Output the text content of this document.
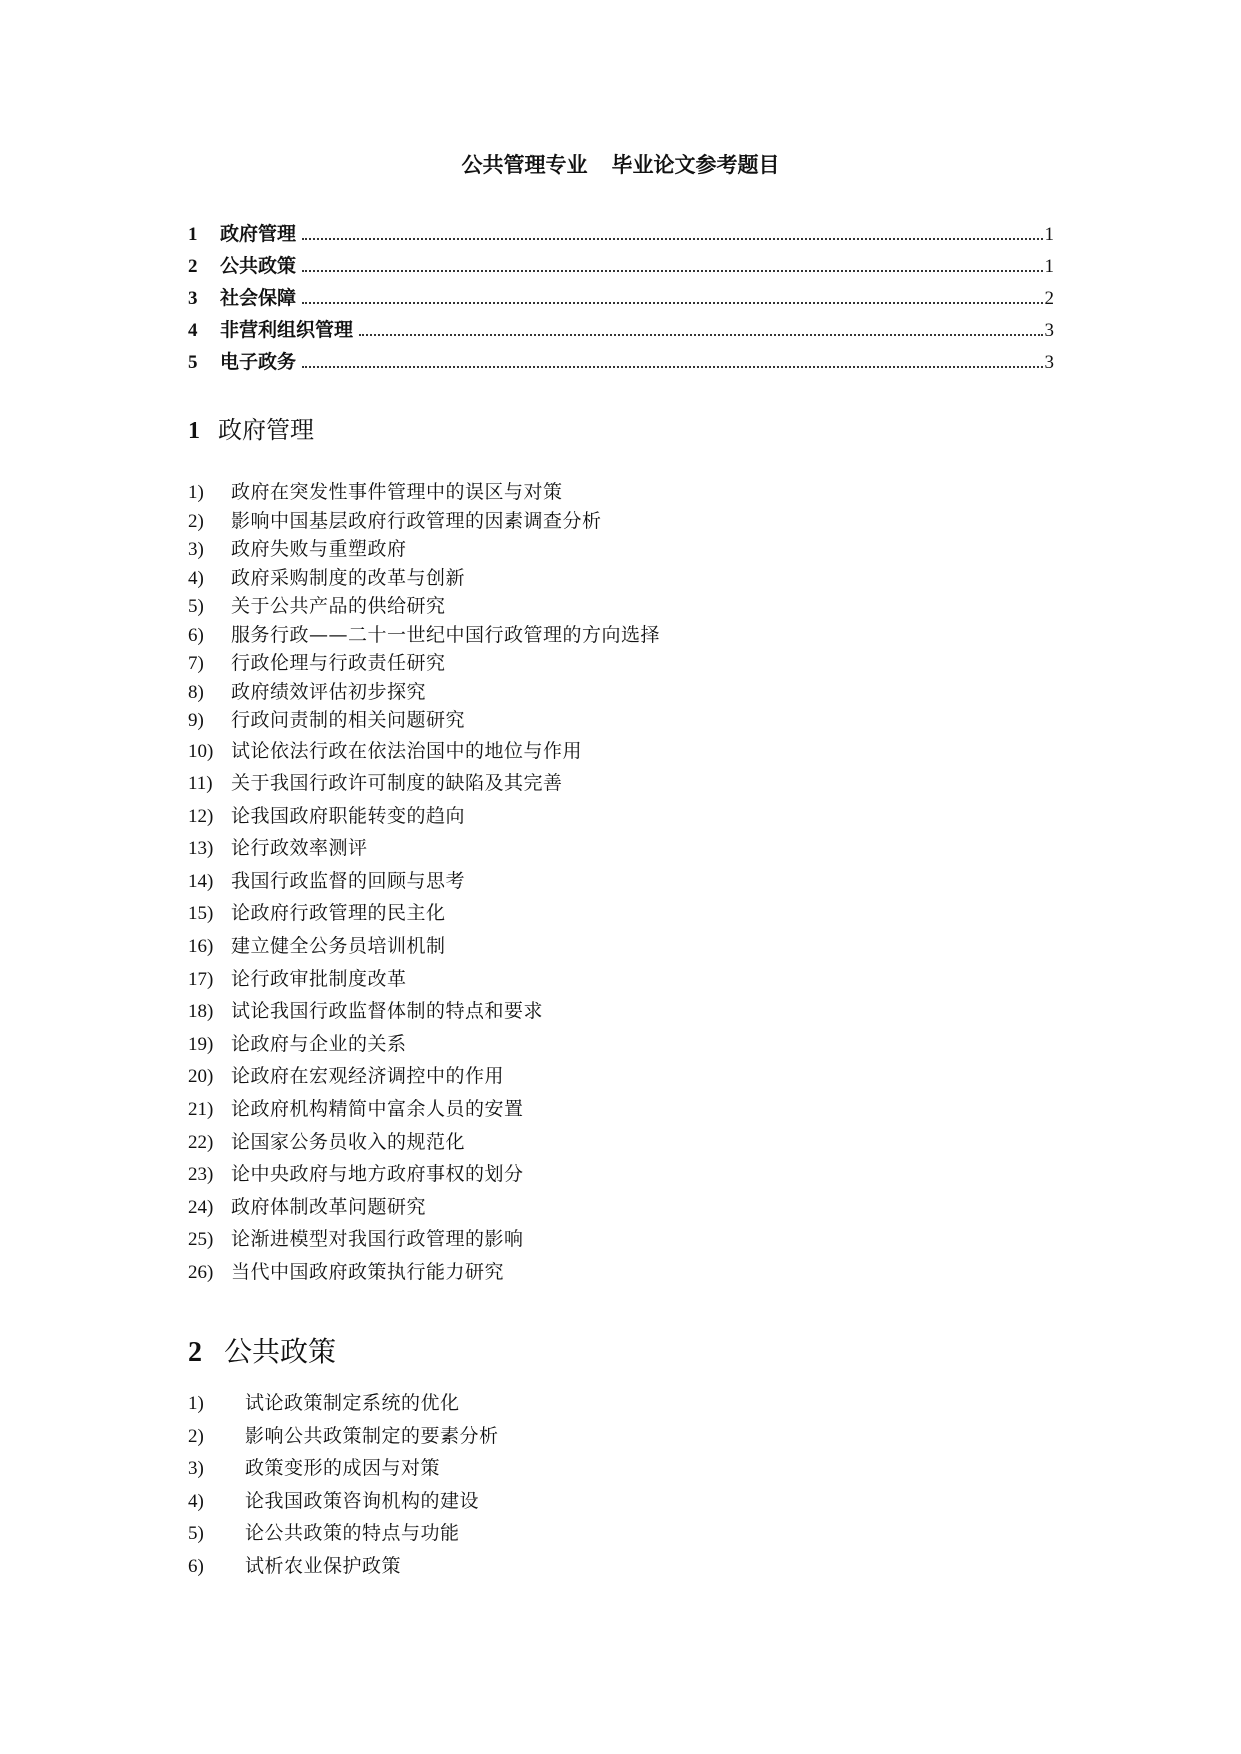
公共管理专业 毕业论文参考题目
1	政府管理	1
2	公共政策	1
3	社会保障	2
4	非营利组织管理	3
5	电子政务	3
1 政府管理
1)	政府在突发性事件管理中的误区与对策
2)	影响中国基层政府行政管理的因素调查分析
3)	政府失败与重塑政府
4)	政府采购制度的改革与创新
5)	关于公共产品的供给研究
6)	服务行政——二十一世纪中国行政管理的方向选择
7)	行政伦理与行政责任研究
8)	政府绩效评估初步探究
9)	行政问责制的相关问题研究
10) 试论依法行政在依法治国中的地位与作用
11) 关于我国行政许可制度的缺陷及其完善
12) 论我国政府职能转变的趋向
13) 论行政效率测评
14) 我国行政监督的回顾与思考
15) 论政府行政管理的民主化
16) 建立健全公务员培训机制
17) 论行政审批制度改革
18) 试论我国行政监督体制的特点和要求
19) 论政府与企业的关系
20) 论政府在宏观经济调控中的作用
21) 论政府机构精简中富余人员的安置
22) 论国家公务员收入的规范化
23) 论中央政府与地方政府事权的划分
24) 政府体制改革问题研究
25) 论渐进模型对我国行政管理的影响
26) 当代中国政府政策执行能力研究
2 公共政策
1)	试论政策制定系统的优化
2)	影响公共政策制定的要素分析
3)	政策变形的成因与对策
4)	论我国政策咨询机构的建设
5)	论公共政策的特点与功能
6)	试析农业保护政策
